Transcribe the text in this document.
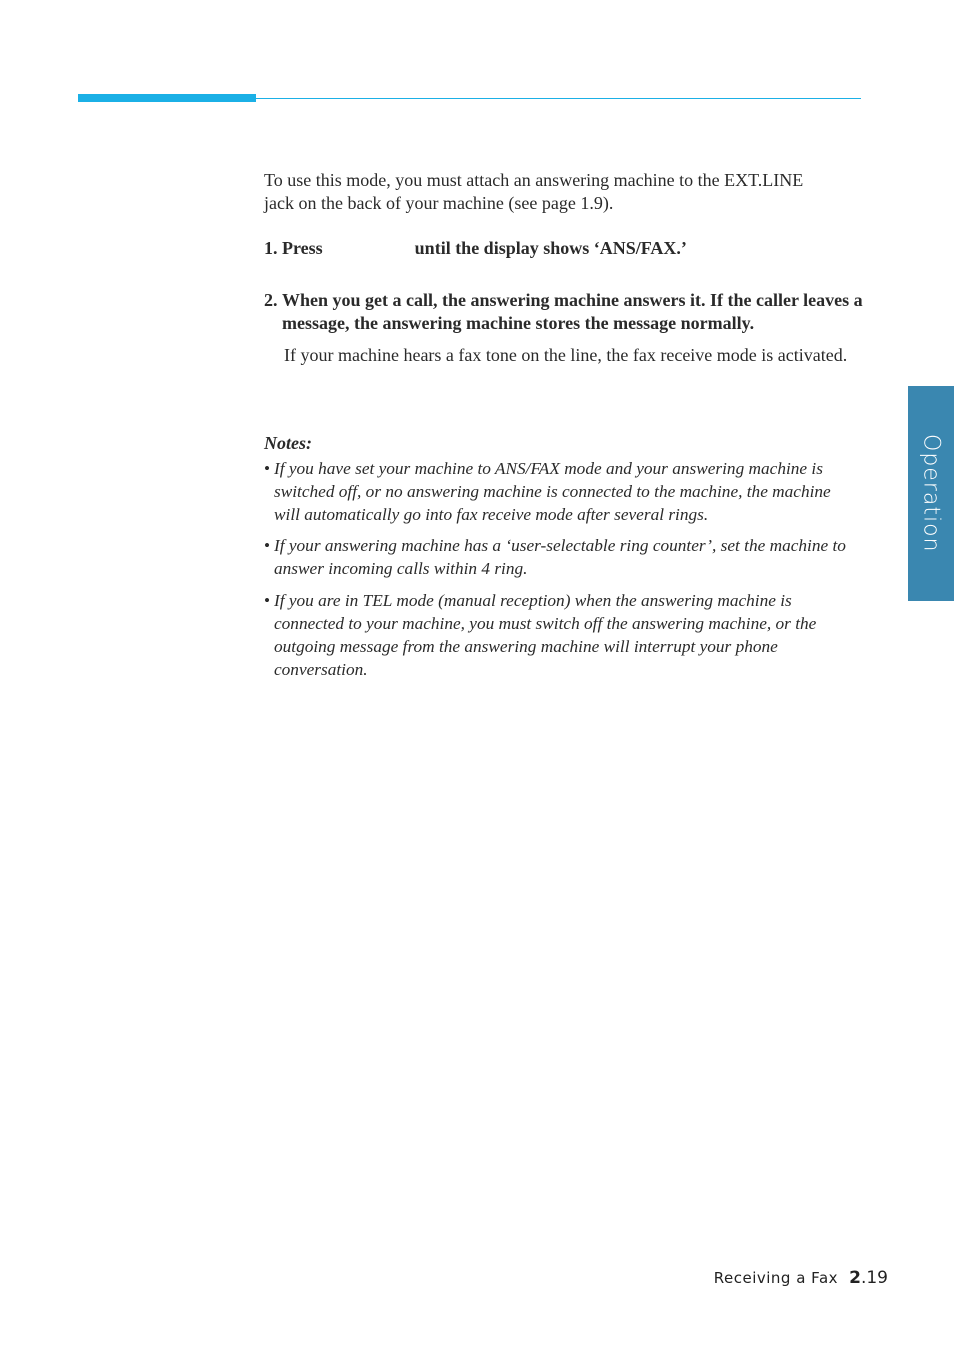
To use this mode, you must attach an answering machine to the EXT.LINE jack on the back of your machine (see page 1.9).

1. Press	until the display shows ‘ANS/FAX.’

2. When you get a call, the answering machine answers it. If the caller leaves a message, the answering machine stores the message normally.

If your machine hears a fax tone on the line, the fax receive mode is activated.

Notes:
• If you have set your machine to ANS/FAX mode and your answering machine is switched off, or no answering machine is connected to the machine, the machine will automatically go into fax receive mode after several rings.
• If your answering machine has a ‘user-selectable ring counter’, set the machine to answer incoming calls within 4 ring.
• If you are in TEL mode (manual reception) when the answering machine is connected to your machine, you must switch off the answering machine, or the outgoing message from the answering machine will interrupt your phone conversation.
Operation
Receiving a Fax 2.19
